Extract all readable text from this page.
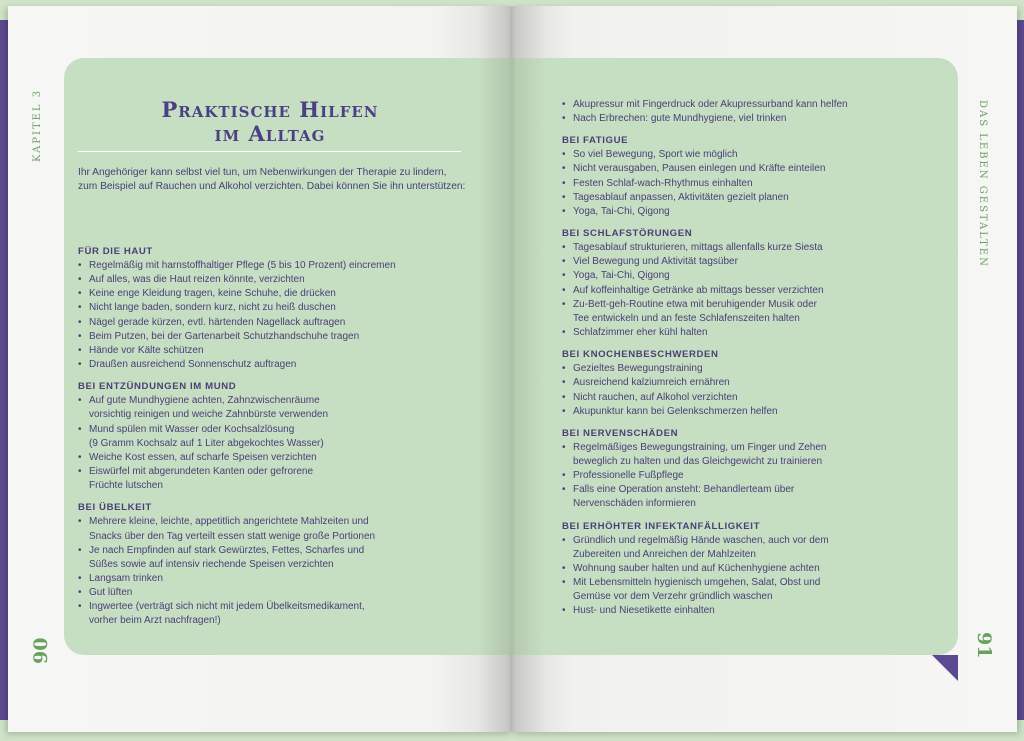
KAPITEL 3	DAS LEBEN GESTALTEN
90	91
Praktische Hilfen
im Alltag

Ihr Angehöriger kann selbst viel tun, um Nebenwirkungen der Therapie zu lindern, zum Beispiel auf Rauchen und Alkohol verzichten. Dabei können Sie ihn unterstützen:

FÜR DIE HAUT
• Regelmäßig mit harnstoffhaltiger Pflege (5 bis 10 Prozent) eincremen
• Auf alles, was die Haut reizen könnte, verzichten
• Keine enge Kleidung tragen, keine Schuhe, die drücken
• Nicht lange baden, sondern kurz, nicht zu heiß duschen
• Nägel gerade kürzen, evtl. härtenden Nagellack auftragen
• Beim Putzen, bei der Gartenarbeit Schutzhandschuhe tragen
• Hände vor Kälte schützen
• Draußen ausreichend Sonnenschutz auftragen
BEI ENTZÜNDUNGEN IM MUND
• Auf gute Mundhygiene achten, Zahnzwischenräume
vorsichtig reinigen und weiche Zahnbürste verwenden
• Mund spülen mit Wasser oder Kochsalzlösung
(9 Gramm Kochsalz auf 1 Liter abgekochtes Wasser)
• Weiche Kost essen, auf scharfe Speisen verzichten
• Eiswürfel mit abgerundeten Kanten oder gefrorene
Früchte lutschen
BEI ÜBELKEIT
• Mehrere kleine, leichte, appetitlich angerichtete Mahlzeiten und
Snacks über den Tag verteilt essen statt wenige große Portionen
• Je nach Empfinden auf stark Gewürztes, Fettes, Scharfes und
Süßes sowie auf intensiv riechende Speisen verzichten
• Langsam trinken
• Gut lüften
• Ingwertee (verträgt sich nicht mit jedem Übelkeitsmedikament,
vorher beim Arzt nachfragen!)
• Akupressur mit Fingerdruck oder Akupressurband kann helfen
• Nach Erbrechen: gute Mundhygiene, viel trinken
BEI FATIGUE
• So viel Bewegung, Sport wie möglich
• Nicht verausgaben, Pausen einlegen und Kräfte einteilen
• Festen Schlaf-wach-Rhythmus einhalten
• Tagesablauf anpassen, Aktivitäten gezielt planen
• Yoga, Tai-Chi, Qigong
BEI SCHLAFSTÖRUNGEN
• Tagesablauf strukturieren, mittags allenfalls kurze Siesta
• Viel Bewegung und Aktivität tagsüber
• Yoga, Tai-Chi, Qigong
• Auf koffeinhaltige Getränke ab mittags besser verzichten
• Zu-Bett-geh-Routine etwa mit beruhigender Musik oder
Tee entwickeln und an feste Schlafenszeiten halten
• Schlafzimmer eher kühl halten
BEI KNOCHENBESCHWERDEN
• Gezieltes Bewegungstraining
• Ausreichend kalziumreich ernähren
• Nicht rauchen, auf Alkohol verzichten
• Akupunktur kann bei Gelenkschmerzen helfen
BEI NERVENSCHÄDEN
• Regelmäßiges Bewegungstraining, um Finger und Zehen
beweglich zu halten und das Gleichgewicht zu trainieren
• Professionelle Fußpflege
• Falls eine Operation ansteht: Behandlerteam über
Nervenschäden informieren
BEI ERHÖHTER INFEKTANFÄLLIGKEIT
• Gründlich und regelmäßig Hände waschen, auch vor dem
Zubereiten und Anreichen der Mahlzeiten
• Wohnung sauber halten und auf Küchenhygiene achten
• Mit Lebensmitteln hygienisch umgehen, Salat, Obst und
Gemüse vor dem Verzehr gründlich waschen
• Hust- und Niesetikette einhalten
